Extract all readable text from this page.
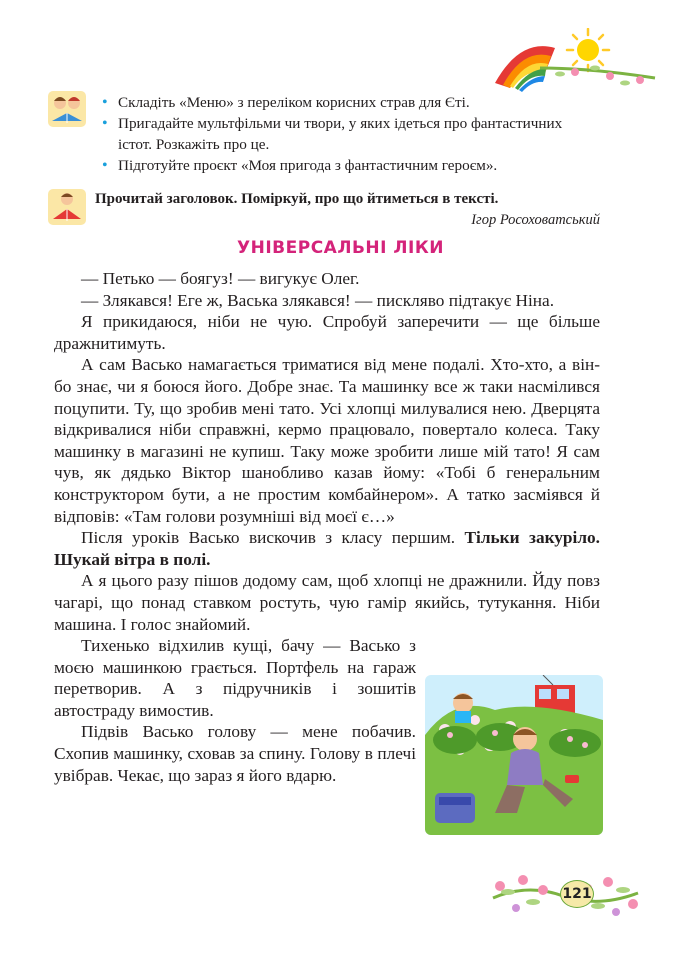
• Складіть «Меню» з переліком корисних страв для Єті.
• Пригадайте мультфільми чи твори, у яких ідеться про фантастичних істот. Розкажіть про це.
• Підготуйте проєкт «Моя пригода з фантастичним героєм».
Прочитай заголовок. Поміркуй, про що йтиметься в тексті.
Ігор Росоховатський
УНІВЕРСАЛЬНІ ЛІКИ

— Петько — боягуз! — вигукує Олег.

— Злякався! Еге ж, Васька злякався! — пискляво підтакує Ніна.

Я прикидаюся, ніби не чую. Спробуй заперечити — ще більше дражнитимуть.

А сам Васько намагається триматися від мене подалі. Хто-хто, а він-бо знає, чи я боюся його. Добре знає. Та машинку все ж таки насмілився поцупити. Ту, що зробив мені тато. Усі хлопці милувалися нею. Дверцята відкривалися ніби справжні, кермо працювало, повертало колеса. Таку машинку в магазині не купиш. Таку може зробити лише мій тато! Я сам чув, як дядько Віктор шанобливо казав йому: «Тобі б генеральним конструктором бути, а не простим комбайнером». А татко засміявся й відповів: «Там голови розумніші від моєї є…»

Після уроків Васько вискочив з класу першим. Тільки закуріло. Шукай вітра в полі.

А я цього разу пішов додому сам, щоб хлопці не дражнили. Йду повз чагарі, що понад ставком ростуть, чую гамір якийсь, тутукання. Ніби машина. І голос знайомий.

Тихенько відхилив кущі, бачу — Васько з моєю машинкою грається. Портфель на гараж перетворив. А з підручників і зошитів автостраду вимостив.

Підвів Васько голову — мене побачив. Схопив машинку, сховав за спину. Голову в плечі увібрав. Чекає, що зараз я його вдарю.

121
